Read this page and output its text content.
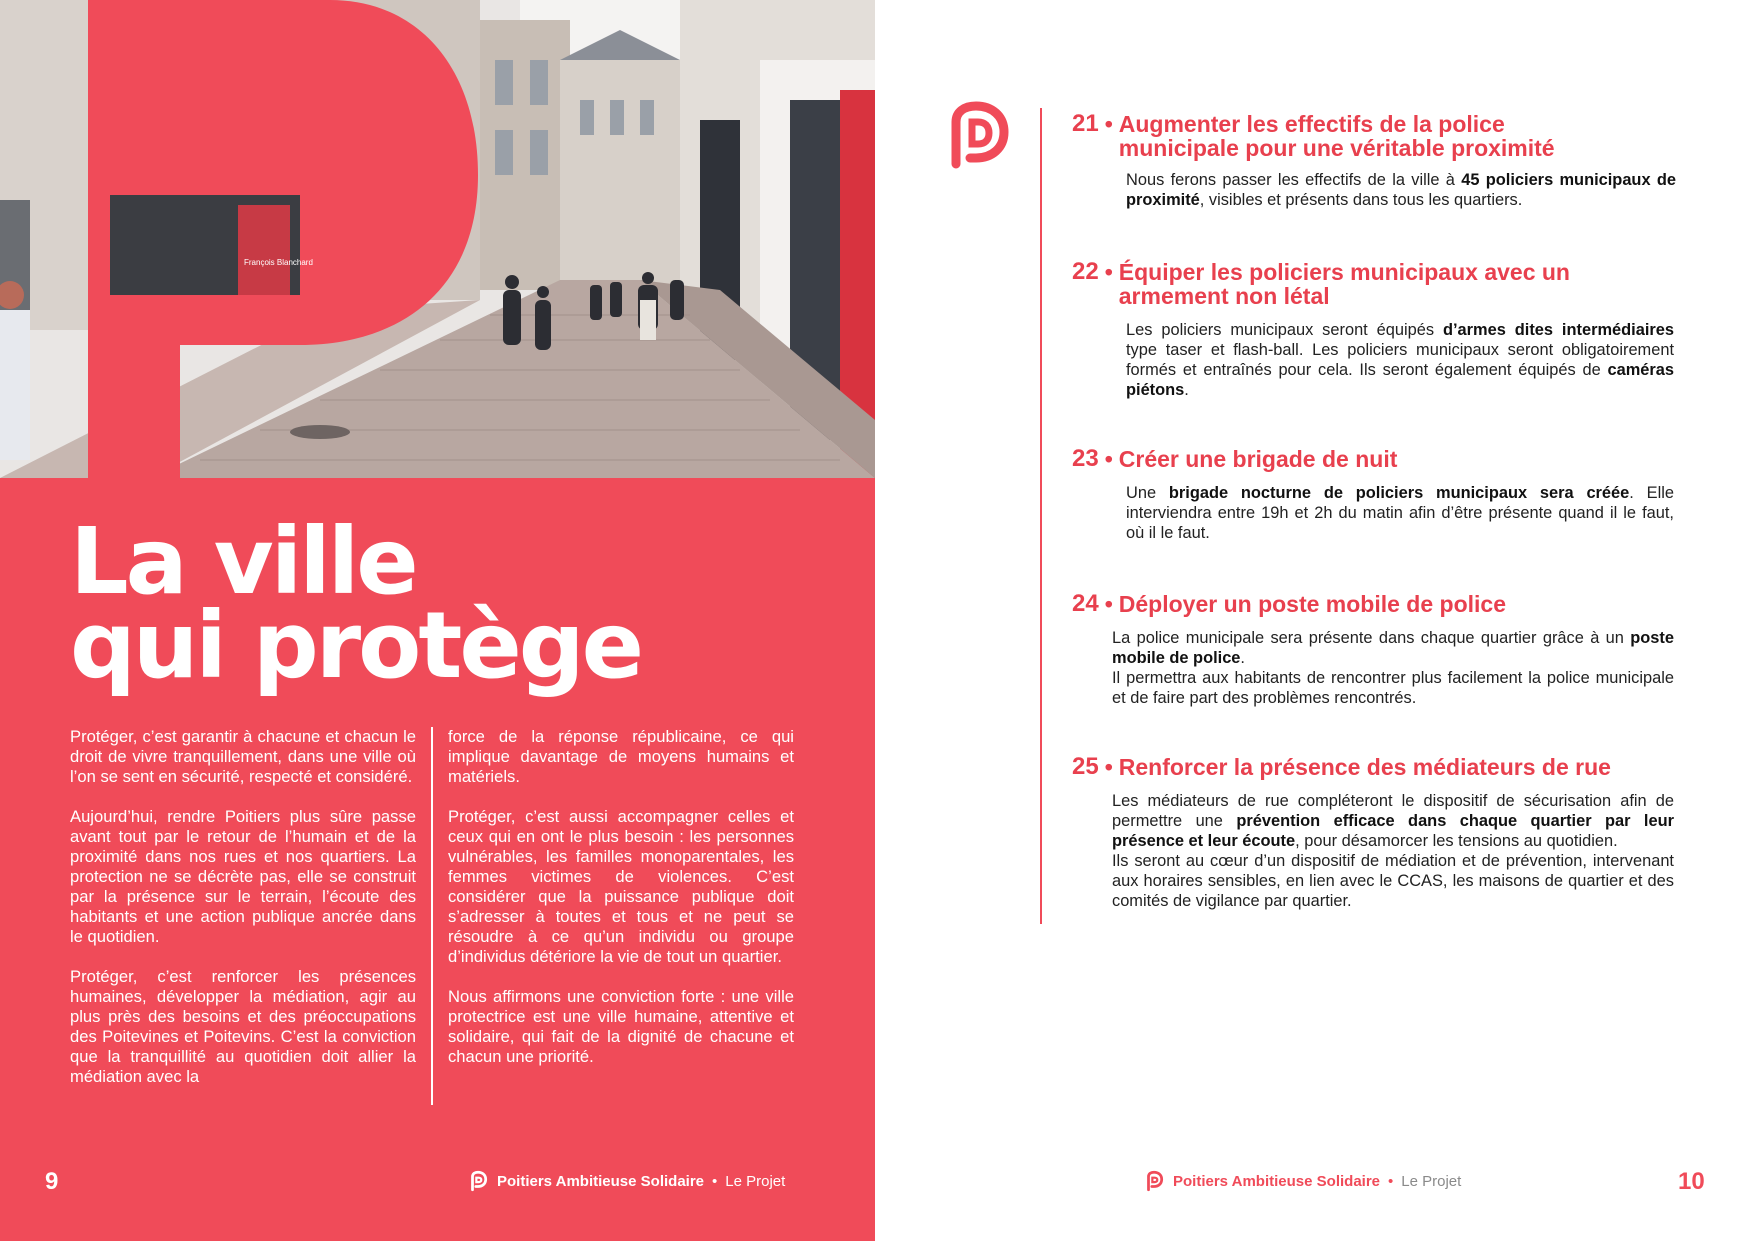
François Blanchard
La ville
qui protège

Protéger, c’est garantir à chacune et chacun le droit de vivre tranquillement, dans une ville où l’on se sent en sécurité, respecté et considéré.

Aujourd’hui, rendre Poitiers plus sûre passe avant tout par le retour de l’humain et de la proximité dans nos rues et nos quartiers. La protection ne se décrète pas, elle se construit par la présence sur le terrain, l’écoute des habitants et une action publique ancrée dans le quotidien.

Protéger, c’est renforcer les présences humaines, développer la médiation, agir au plus près des besoins et des préoccupations des Poitevines et Poitevins. C’est la conviction que la tranquillité au quotidien doit allier la médiation avec la

force de la réponse républicaine, ce qui implique davantage de moyens humains et matériels.

Protéger, c’est aussi accompagner celles et ceux qui en ont le plus besoin : les personnes vulnérables, les familles monoparentales, les femmes victimes de violences. C’est considérer que la puissance publique doit s’adresser à toutes et tous et ne peut se résoudre à ce qu’un individu ou groupe d’individus détériore la vie de tout un quartier.

Nous affirmons une conviction forte : une ville protectrice est une ville humaine, attentive et solidaire, qui fait de la dignité de chacune et chacun une priorité.

9	Poitiers Ambitieuse Solidaire • Le Projet
21 • Augmenter les effectifs de la police municipale pour une véritable proximité
Nous ferons passer les effectifs de la ville à 45 policiers municipaux de proximité, visibles et présents dans tous les quartiers.
22 • Équiper les policiers municipaux avec un armement non létal
Les policiers municipaux seront équipés d’armes dites intermédiaires type taser et flash-ball. Les policiers municipaux seront obligatoirement formés et entraînés pour cela. Ils seront également équipés de caméras piétons.
23 • Créer une brigade de nuit
Une brigade nocturne de policiers municipaux sera créée. Elle interviendra entre 19h et 2h du matin afin d’être présente quand il le faut, où il le faut.
24 • Déployer un poste mobile de police

La police municipale sera présente dans chaque quartier grâce à un poste mobile de police.

Il permettra aux habitants de rencontrer plus facilement la police municipale et de faire part des problèmes rencontrés.

25 • Renforcer la présence des médiateurs de rue

Les médiateurs de rue compléteront le dispositif de sécurisation afin de permettre une prévention efficace dans chaque quartier par leur présence et leur écoute, pour désamorcer les tensions au quotidien.

Ils seront au cœur d’un dispositif de médiation et de prévention, intervenant aux horaires sensibles, en lien avec le CCAS, les maisons de quartier et des comités de vigilance par quartier.

Poitiers Ambitieuse Solidaire • Le Projet	10
